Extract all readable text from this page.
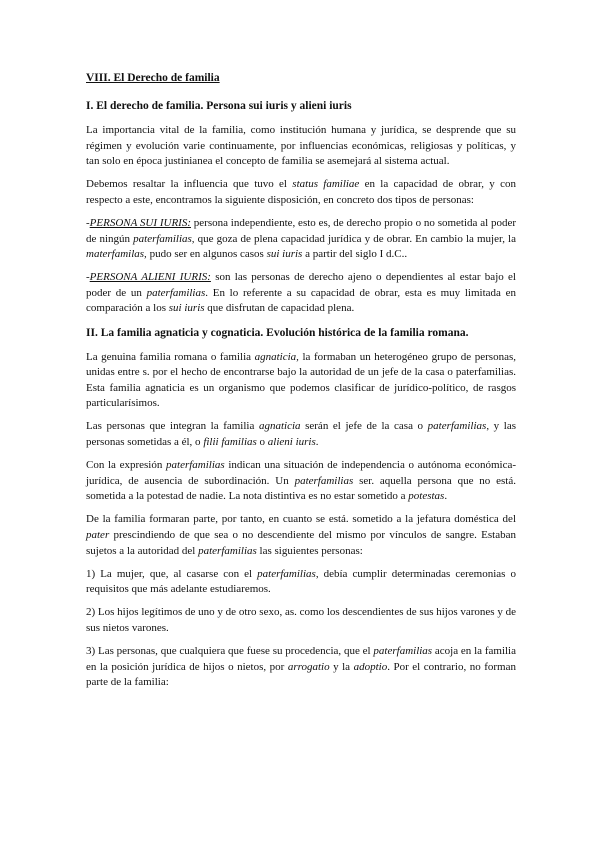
VIII. El Derecho de familia
I. El derecho de familia. Persona sui iuris y alieni iuris

La importancia vital de la familia, como institución humana y jurídica, se desprende que su régimen y evolución varie continuamente, por influencias económicas, religiosas y políticas, y tan solo en época justinianea el concepto de familia se asemejará al sistema actual.

Debemos resaltar la influencia que tuvo el status familiae en la capacidad de obrar, y con respecto a este, encontramos la siguiente disposición, en concreto dos tipos de personas:

-PERSONA SUI IURIS: persona independiente, esto es, de derecho propio o no sometida al poder de ningún paterfamilias, que goza de plena capacidad jurídica y de obrar. En cambio la mujer, la materfamilas, pudo ser en algunos casos sui iuris a partir del siglo I d.C..

-PERSONA ALIENI IURIS: son las personas de derecho ajeno o dependientes al estar bajo el poder de un paterfamilias. En lo referente a su capacidad de obrar, esta es muy limitada en comparación a los sui iuris que disfrutan de capacidad plena.

II. La familia agnaticia y cognaticia. Evolución histórica de la familia romana.

La genuina familia romana o familia agnaticia, la formaban un heterogéneo grupo de personas, unidas entre s. por el hecho de encontrarse bajo la autoridad de un jefe de la casa o paterfamilias. Esta familia agnaticia es un organismo que podemos clasificar de jurídico-político, de rasgos particularísimos.

Las personas que integran la familia agnaticia serán el jefe de la casa o paterfamilias, y las personas sometidas a él, o filii familias o alieni iuris.

Con la expresión paterfamilias indican una situación de independencia o autónoma económica-jurídica, de ausencia de subordinación. Un paterfamilias ser. aquella persona que no está. sometida a la potestad de nadie. La nota distintiva es no estar sometido a potestas.

De la familia formaran parte, por tanto, en cuanto se está. sometido a la jefatura doméstica del pater prescindiendo de que sea o no descendiente del mismo por vínculos de sangre. Estaban sujetos a la autoridad del paterfamilias las siguientes personas:

1) La mujer, que, al casarse con el paterfamilias, debía cumplir determinadas ceremonias o requisitos que más adelante estudiaremos.

2) Los hijos legítimos de uno y de otro sexo, as. como los descendientes de sus hijos varones y de sus nietos varones.

3) Las personas, que cualquiera que fuese su procedencia, que el paterfamilias acoja en la familia en la posición jurídica de hijos o nietos, por arrogatio y la adoptio. Por el contrario, no forman parte de la familia:
